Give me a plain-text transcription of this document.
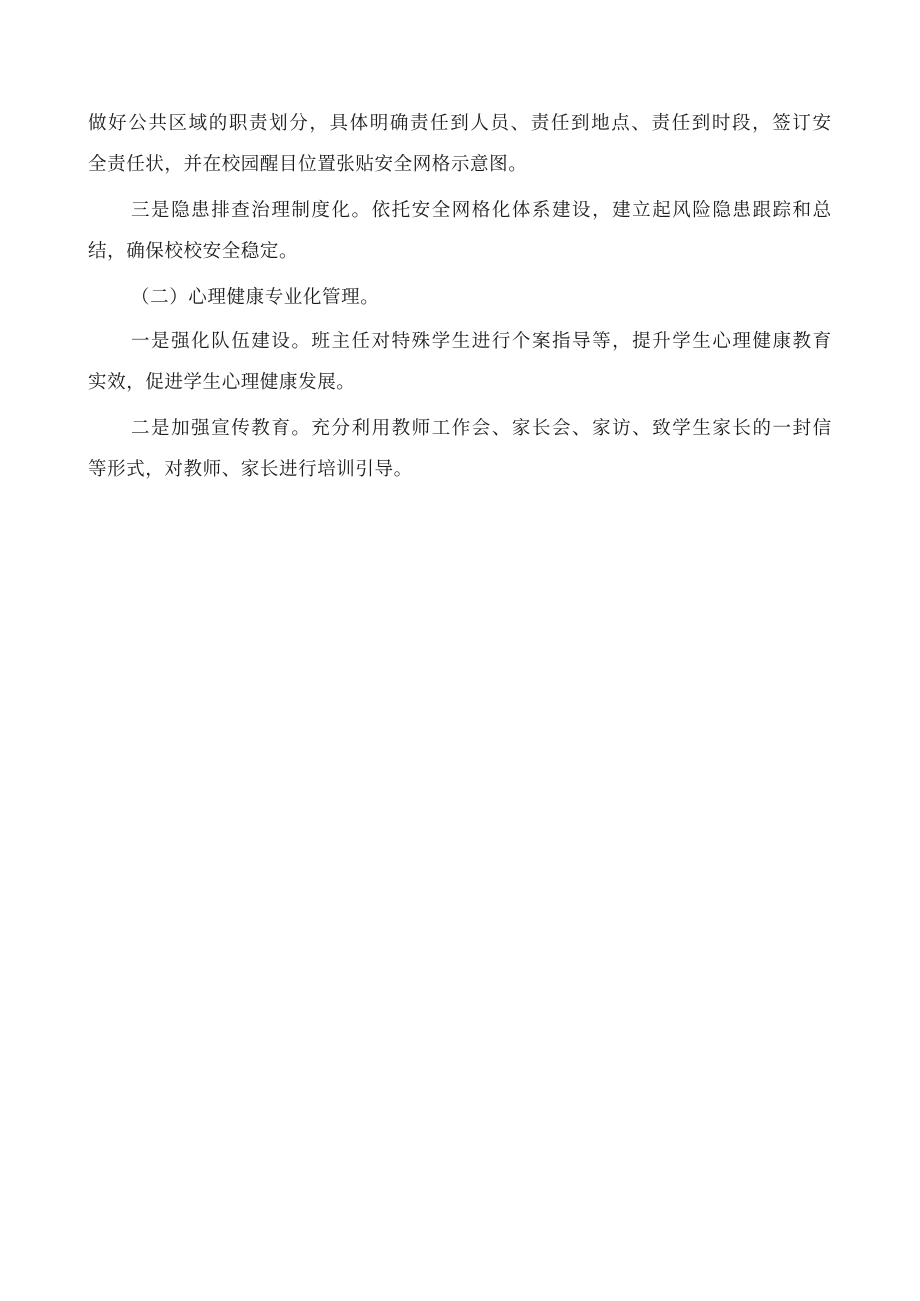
做 好 公 共 区 域 的 职 责 划 分 ， 具 体 明 确 责 任 到 人 员 、 责 任 到 地 点 、 责 任 到 时 段 ， 签 订 安
全责任状，并在校园醒目位置张贴安全网格示意图。
三 是 隐 患 排 查 治 理 制 度 化 。 依 托 安 全 网 格 化 体 系 建 设 ， 建 立 起 风 险 隐 患 跟 踪 和 总
结，确保校校安全稳定。
（二）心理健康专业化管理。
一 是 强 化 队 伍 建 设 。 班 主 任 对 特 殊 学 生 进 行 个 案 指 导 等 ， 提 升 学 生 心 理 健 康 教 育
实效，促进学生心理健康发展。
二 是 加 强 宣 传 教 育 。 充 分 利 用 教 师 工 作 会 、 家 长 会 、 家 访 、 致 学 生 家 长 的 一 封 信
等形式，对教师、家长进行培训引导。
